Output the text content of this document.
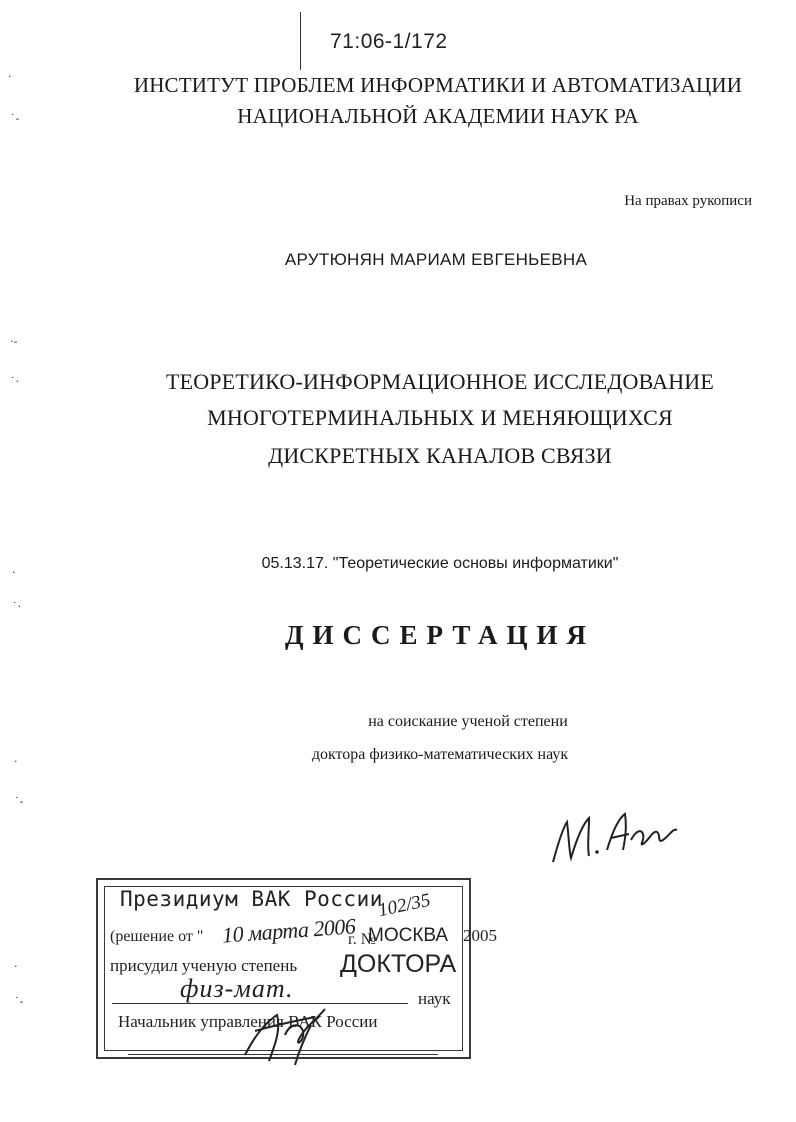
71:06-1/172
ИНСТИТУТ ПРОБЛЕМ ИНФОРМАТИКИ И АВТОМАТИЗАЦИИ
НАЦИОНАЛЬНОЙ АКАДЕМИИ НАУК РА
На правах рукописи
АРУТЮНЯН МАРИАМ ЕВГЕНЬЕВНА
ТЕОРЕТИКО-ИНФОРМАЦИОННОЕ ИССЛЕДОВАНИЕ
МНОГОТЕРМИНАЛЬНЫХ И МЕНЯЮЩИХСЯ
ДИСКРЕТНЫХ КАНАЛОВ СВЯЗИ
05.13.17. "Теоретические основы информатики"
ДИССЕРТАЦИЯ
на соискание ученой степени
доктора физико-математических наук
·
˙-
·-
˙·
·
˙·
·
˙-
·
˙-
Президиум ВАК России
(решение от "	г. №
МОСКВА 2005
присудил ученую степень ДОКТОРА
наук
Начальник управления ВАК России
102/35
10 марта 2006
физ-мат.
